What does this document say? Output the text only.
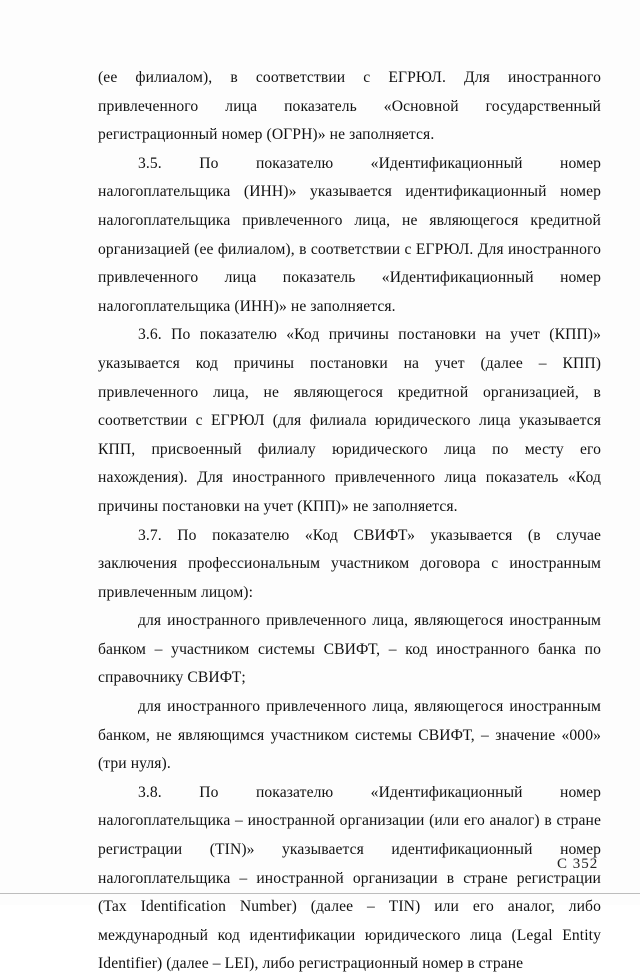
(ее филиалом), в соответствии с ЕГРЮЛ. Для иностранного привлеченного лица показатель «Основной государственный регистрационный номер (ОГРН)» не заполняется.

3.5. По показателю «Идентификационный номер налогоплательщика (ИНН)» указывается идентификационный номер налогоплательщика привлеченного лица, не являющегося кредитной организацией (ее филиалом), в соответствии с ЕГРЮЛ. Для иностранного привлеченного лица показатель «Идентификационный номер налогоплательщика (ИНН)» не заполняется.

3.6. По показателю «Код причины постановки на учет (КПП)» указывается код причины постановки на учет (далее – КПП) привлеченного лица, не являющегося кредитной организацией, в соответствии с ЕГРЮЛ (для филиала юридического лица указывается КПП, присвоенный филиалу юридического лица по месту его нахождения). Для иностранного привлеченного лица показатель «Код причины постановки на учет (КПП)» не заполняется.

3.7. По показателю «Код СВИФТ» указывается (в случае заключения профессиональным участником договора с иностранным привлеченным лицом):

для иностранного привлеченного лица, являющегося иностранным банком – участником системы СВИФТ, – код иностранного банка по справочнику СВИФТ;

для иностранного привлеченного лица, являющегося иностранным банком, не являющимся участником системы СВИФТ, – значение «000» (три нуля).

3.8. По показателю «Идентификационный номер налогоплательщика – иностранной организации (или его аналог) в стране регистрации (TIN)» указывается идентификационный номер налогоплательщика – иностранной организации в стране регистрации (Tax Identification Number) (далее – TIN) или его аналог, либо международный код идентификации юридического лица (Legal Entity Identifier) (далее – LEI), либо регистрационный номер в стране

С 352
